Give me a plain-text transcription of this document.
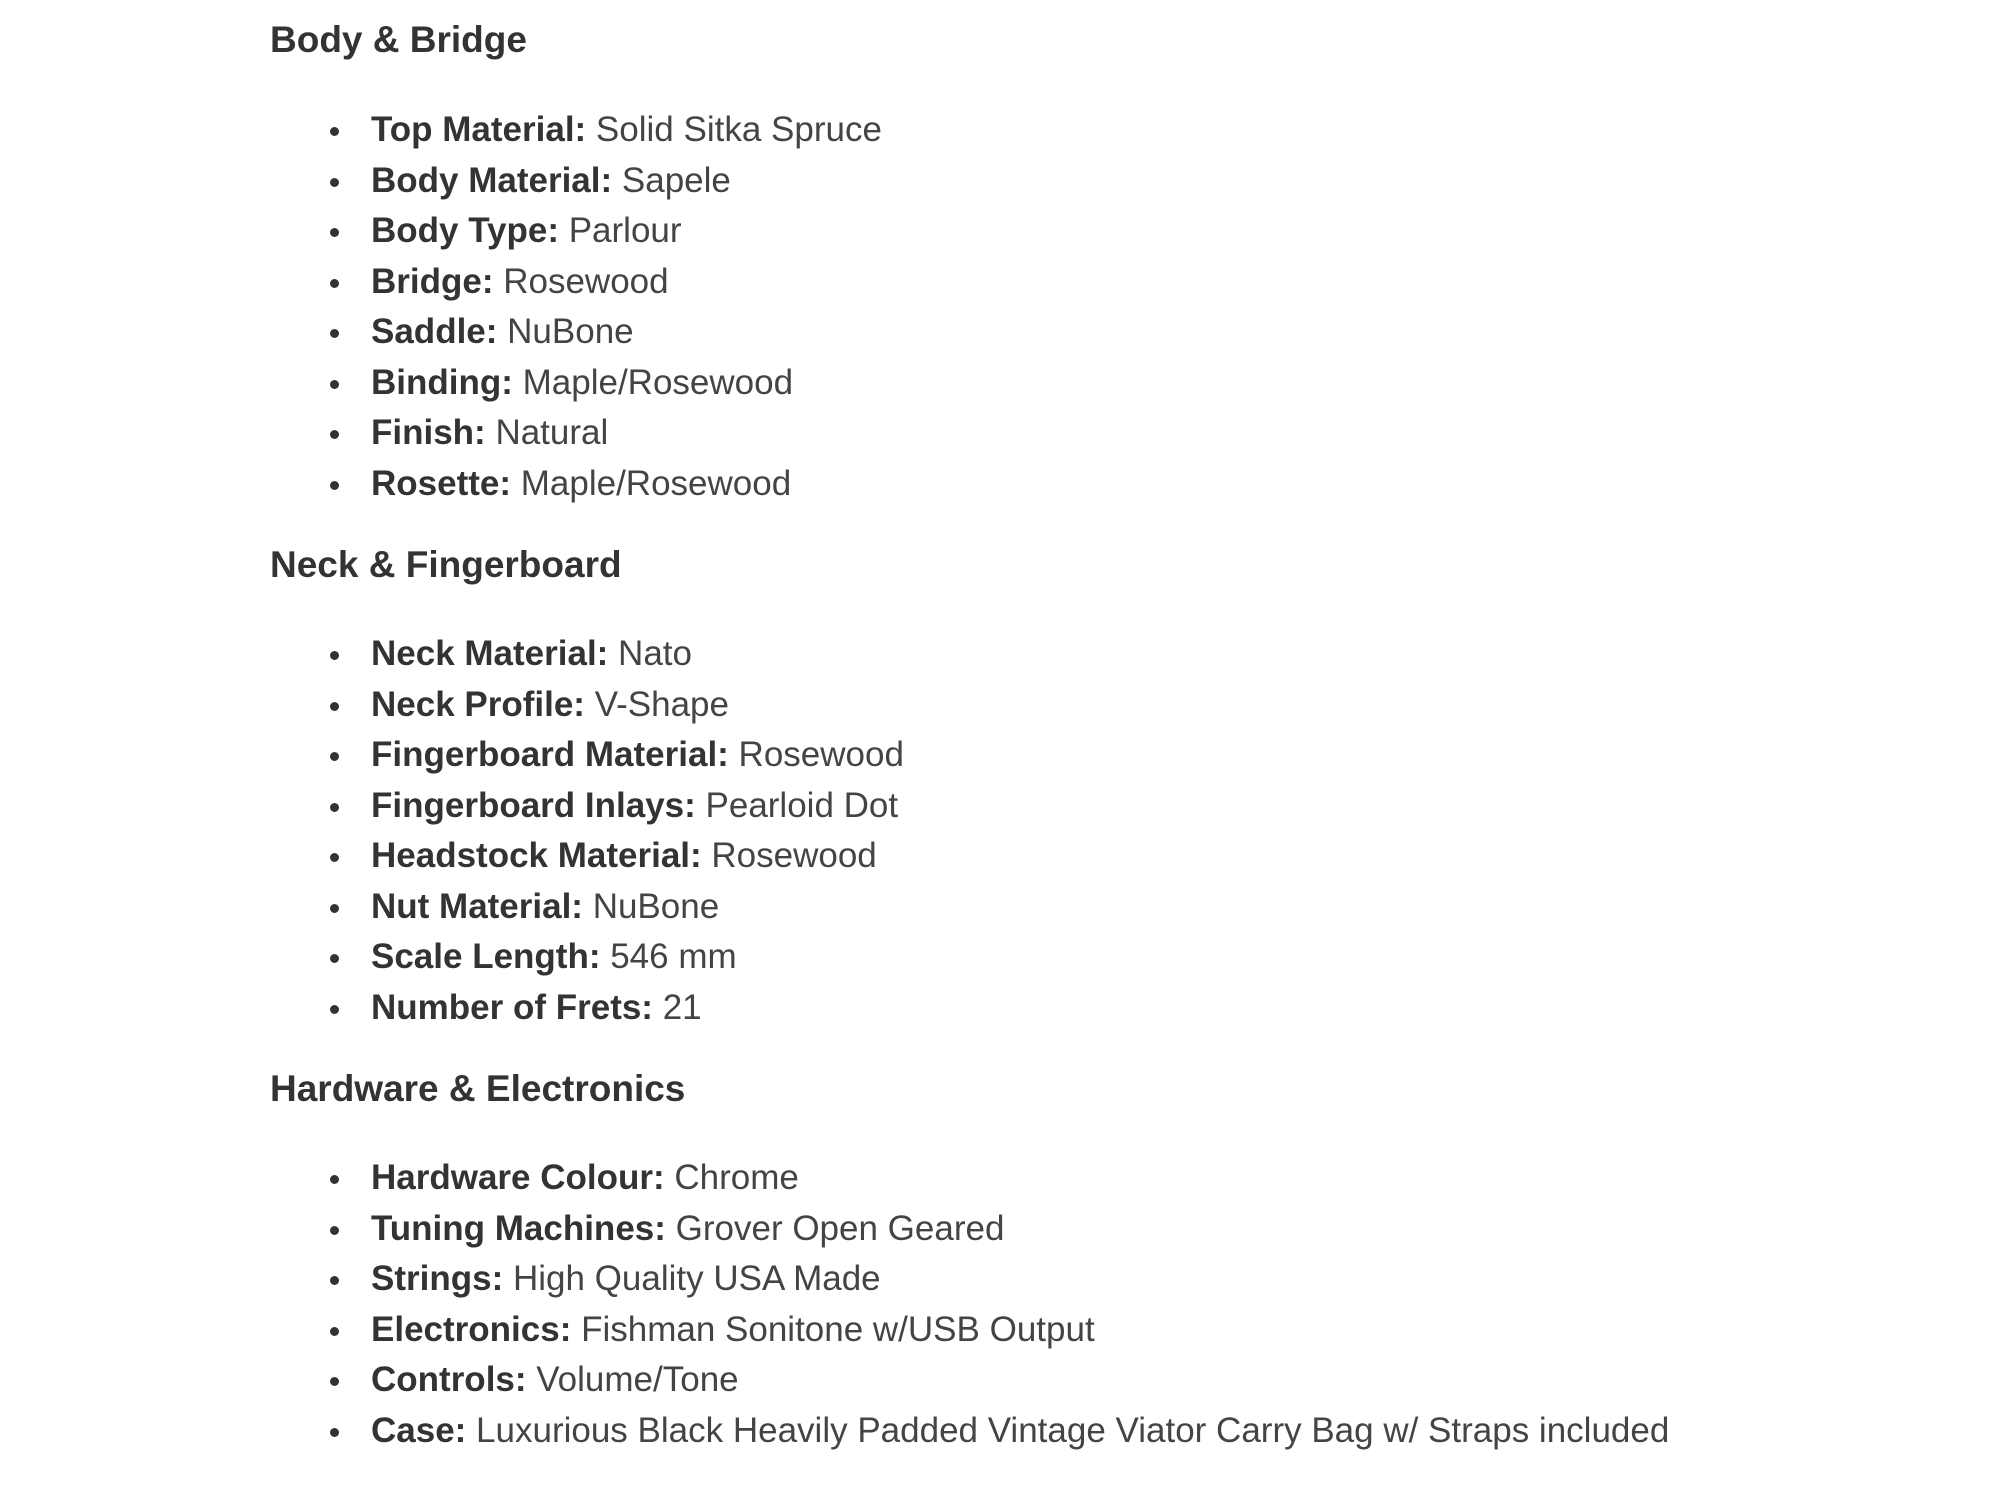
Body & Bridge
Top Material: Solid Sitka Spruce
Body Material: Sapele
Body Type: Parlour
Bridge: Rosewood
Saddle: NuBone
Binding: Maple/Rosewood
Finish: Natural
Rosette: Maple/Rosewood
Neck & Fingerboard
Neck Material: Nato
Neck Profile: V-Shape
Fingerboard Material: Rosewood
Fingerboard Inlays: Pearloid Dot
Headstock Material: Rosewood
Nut Material: NuBone
Scale Length: 546 mm
Number of Frets: 21
Hardware & Electronics
Hardware Colour: Chrome
Tuning Machines: Grover Open Geared
Strings: High Quality USA Made
Electronics: Fishman Sonitone w/USB Output
Controls: Volume/Tone
Case: Luxurious Black Heavily Padded Vintage Viator Carry Bag w/ Straps included
